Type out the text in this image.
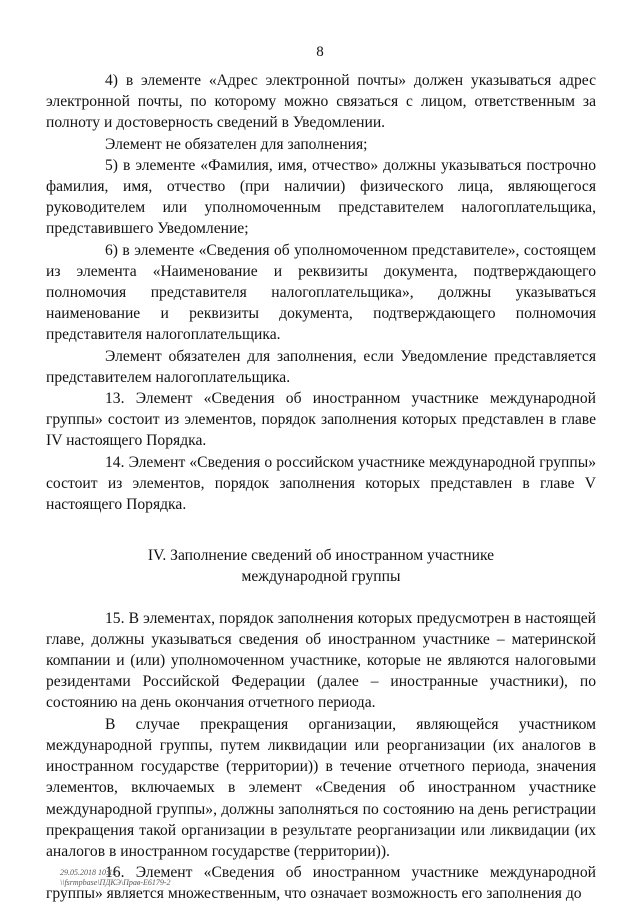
8

4) в элементе «Адрес электронной почты» должен указываться адрес электронной почты, по которому можно связаться с лицом, ответственным за полноту и достоверность сведений в Уведомлении.

Элемент не обязателен для заполнения;

5) в элементе «Фамилия, имя, отчество» должны указываться построчно фамилия, имя, отчество (при наличии) физического лица, являющегося руководителем или уполномоченным представителем налогоплательщика, представившего Уведомление;

6) в элементе «Сведения об уполномоченном представителе», состоящем из элемента «Наименование и реквизиты документа, подтверждающего полномочия представителя налогоплательщика», должны указываться наименование и реквизиты документа, подтверждающего полномочия представителя налогоплательщика.

Элемент обязателен для заполнения, если Уведомление представляется представителем налогоплательщика.

13. Элемент «Сведения об иностранном участнике международной группы» состоит из элементов, порядок заполнения которых представлен в главе IV настоящего Порядка.

14. Элемент «Сведения о российском участнике международной группы» состоит из элементов, порядок заполнения которых представлен в главе V настоящего Порядка.

IV. Заполнение сведений об иностранном участнике
международной группы

15. В элементах, порядок заполнения которых предусмотрен в настоящей главе, должны указываться сведения об иностранном участнике – материнской компании и (или) уполномоченном участнике, которые не являются налоговыми резидентами Российской Федерации (далее – иностранные участники), по состоянию на день окончания отчетного периода.

В случае прекращения организации, являющейся участником международной группы, путем ликвидации или реорганизации (их аналогов в иностранном государстве (территории)) в течение отчетного периода, значения элементов, включаемых в элемент «Сведения об иностранном участнике международной группы», должны заполняться по состоянию на день регистрации прекращения такой организации в результате реорганизации или ликвидации (их аналогов в иностранном государстве (территории)).

16. Элемент «Сведения об иностранном участнике международной группы» является множественным, что означает возможность его заполнения до

29.05.2018 10:12
\\fsrmpbase\ПДКЭ\Прав-Е6179-2
